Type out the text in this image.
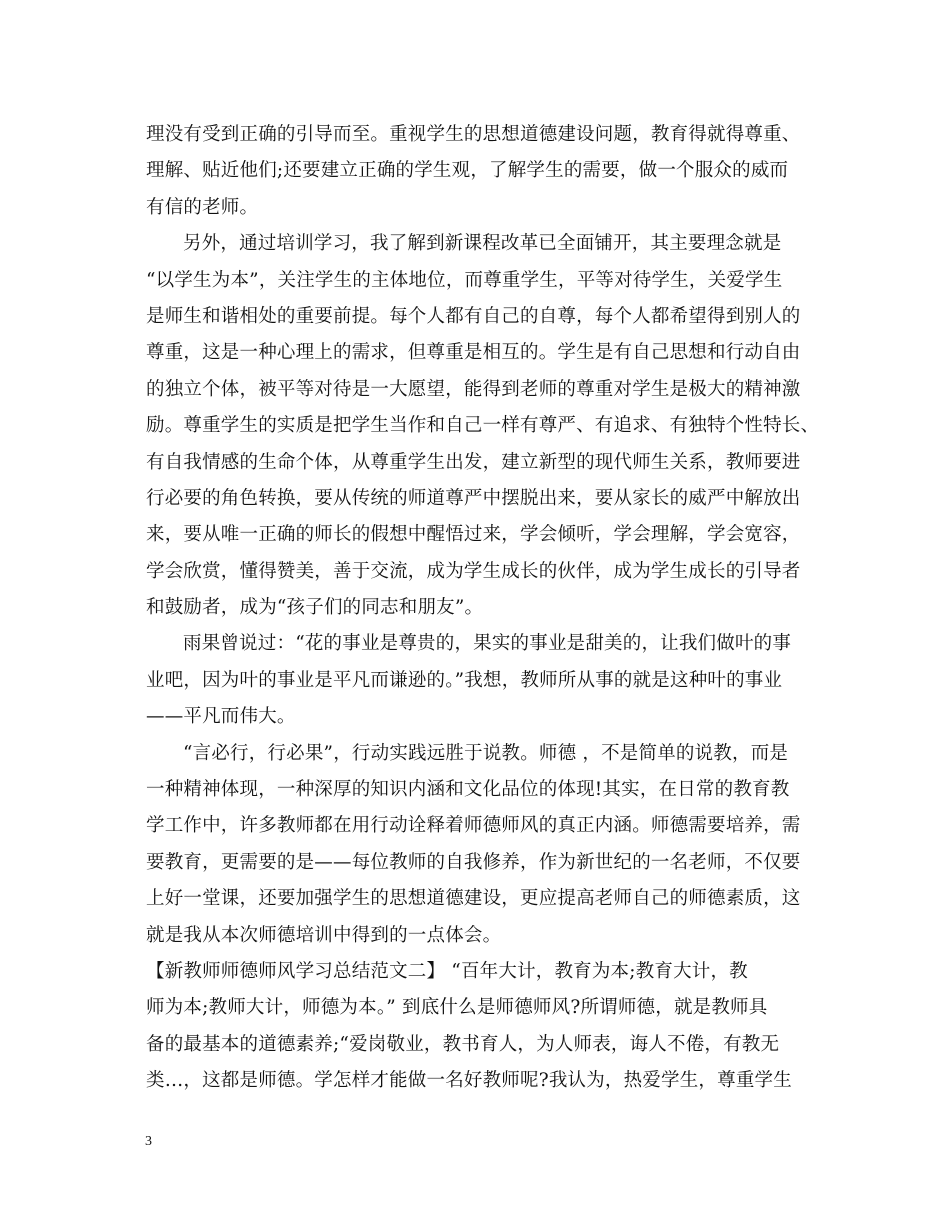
理没有受到正确的引导而至。重视学生的思想道德建设问题，教育得就得尊重、
理解、贴近他们;还要建立正确的学生观，了解学生的需要，做一个服众的威而
有信的老师。
另外，通过培训学习，我了解到新课程改革已全面铺开，其主要理念就是
“以学生为本”，关注学生的主体地位，而尊重学生，平等对待学生，关爱学生
是师生和谐相处的重要前提。每个人都有自己的自尊，每个人都希望得到别人的
尊重，这是一种心理上的需求，但尊重是相互的。学生是有自己思想和行动自由
的独立个体，被平等对待是一大愿望，能得到老师的尊重对学生是极大的精神激
励。尊重学生的实质是把学生当作和自己一样有尊严、有追求、有独特个性特长、
有自我情感的生命个体，从尊重学生出发，建立新型的现代师生关系，教师要进
行必要的角色转换，要从传统的师道尊严中摆脱出来，要从家长的威严中解放出
来，要从唯一正确的师长的假想中醒悟过来，学会倾听，学会理解，学会宽容，
学会欣赏，懂得赞美，善于交流，成为学生成长的伙伴，成为学生成长的引导者
和鼓励者，成为“孩子们的同志和朋友”。
雨果曾说过：“花的事业是尊贵的，果实的事业是甜美的，让我们做叶的事
业吧，因为叶的事业是平凡而谦逊的。”我想，教师所从事的就是这种叶的事业
——平凡而伟大。
“言必行，行必果”，行动实践远胜于说教。师德 ，不是简单的说教，而是
一种精神体现，一种深厚的知识内涵和文化品位的体现!其实，在日常的教育教
学工作中，许多教师都在用行动诠释着师德师风的真正内涵。师德需要培养，需
要教育，更需要的是——每位教师的自我修养，作为新世纪的一名老师，不仅要
上好一堂课，还要加强学生的思想道德建设，更应提高老师自己的师德素质，这
就是我从本次师德培训中得到的一点体会。
【新教师师德师风学习总结范文二】 “百年大计，教育为本;教育大计，教
师为本;教师大计，师德为本。” 到底什么是师德师风?所谓师德，就是教师具
备的最基本的道德素养;“爱岗敬业，教书育人，为人师表，诲人不倦，有教无
类…，这都是师德。学怎样才能做一名好教师呢?我认为，热爱学生，尊重学生
3
